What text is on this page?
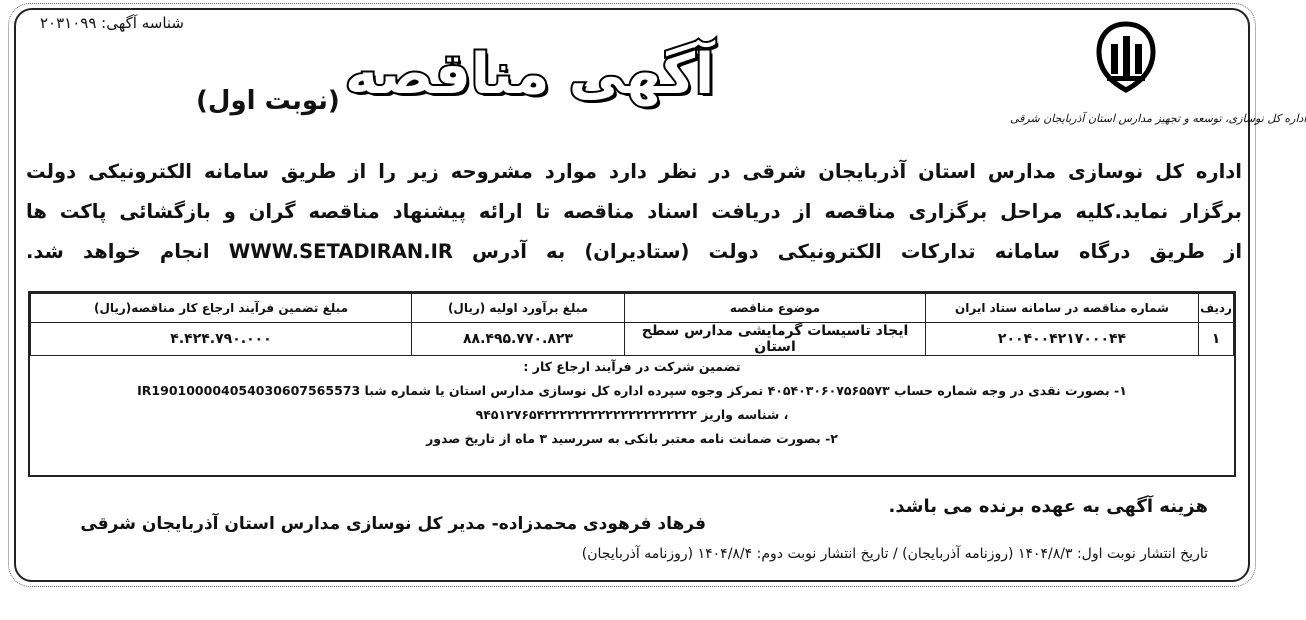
شناسه آگهی: ۲۰۳۱۰۹۹
اداره کل نوسازی، توسعه و تجهیز مدارس استان آذربایجان شرقی
آگهی مناقصه
(نوبت اول)
اداره کل نوسازی مدارس استان آذربایجان شرقی در نظر دارد موارد مشروحه زیر را از طریق سامانه الکترونیکی دولت
برگزار نماید.کلیه مراحل برگزاری مناقصه از دریافت اسناد مناقصه تا ارائه پیشنهاد مناقصه گران و بازگشائی پاکت ها
از طریق درگاه سامانه تدارکات الکترونیکی دولت (ستادیران) به آدرس WWW.SETADIRAN.IR انجام خواهد شد.
ردیف	شماره مناقصه در سامانه ستاد ایران	موضوع مناقصه	مبلغ برآورد اولیه (ریال)	مبلغ تضمین فرآیند ارجاع کار مناقصه(ریال)
۱	۲۰۰۴۰۰۴۲۱۷۰۰۰۴۴	ایجاد تاسیسات گرمایشی مدارس سطح استان	۸۸.۴۹۵.۷۷۰.۸۲۳	۴.۴۲۴.۷۹۰.۰۰۰
تضمین شرکت در فرآیند ارجاع کار :
۱- بصورت نقدی در وجه شماره حساب ۴۰۵۴۰۳۰۶۰۷۵۶۵۵۷۳ تمرکز وجوه سپرده اداره کل نوسازی مدارس استان یا شماره شبا IR190100004054030607565573
، شناسه واریز ۹۴۵۱۲۷۶۵۴۲۲۲۲۲۲۲۲۲۲۲۲۲۲۲۲۲۲۲۲
۲- بصورت ضمانت نامه معتبر بانکی به سررسید ۳ ماه از تاریخ صدور
هزینه آگهی به عهده برنده می باشد.
فرهاد فرهودی محمدزاده- مدیر کل نوسازی مدارس استان آذربایجان شرقی
تاریخ انتشار نوبت اول: ۱۴۰۴/۸/۳ (روزنامه آذربایجان) / تاریخ انتشار نوبت دوم: ۱۴۰۴/۸/۴ (روزنامه آذربایجان)
